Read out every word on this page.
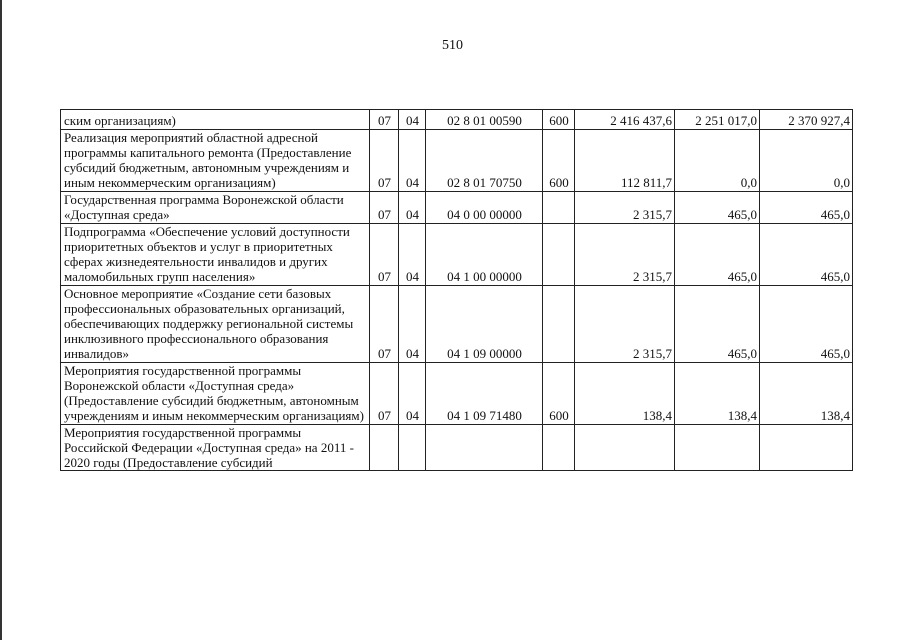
510
ским организациям)	07	04	02 8 01 00590	600	2 416 437,6	2 251 017,0	2 370 927,4
Реализация мероприятий областной адресной программы капитального ремонта (Предоставление субсидий бюджетным, автономным учреждениям и иным некоммерческим организациям)	07	04	02 8 01 70750	600	112 811,7	0,0	0,0
Государственная программа Воронежской области «Доступная среда»	07	04	04 0 00 00000		2 315,7	465,0	465,0
Подпрограмма «Обеспечение условий доступности приоритетных объектов и услуг в приоритетных сферах жизнедеятельности инвалидов и других маломобильных групп населения»	07	04	04 1 00 00000		2 315,7	465,0	465,0
Основное мероприятие «Создание сети базовых профессиональных образовательных организаций, обеспечивающих поддержку региональной системы инклюзивного профессионального образования инвалидов»	07	04	04 1 09 00000		2 315,7	465,0	465,0
Мероприятия государственной программы Воронежской области «Доступная среда» (Предоставление субсидий бюджетным, автономным учреждениям и иным некоммерческим организациям)	07	04	04 1 09 71480	600	138,4	138,4	138,4
Мероприятия государственной программы Российской Федерации «Доступная среда» на 2011 - 2020 годы (Предоставление субсидий							
